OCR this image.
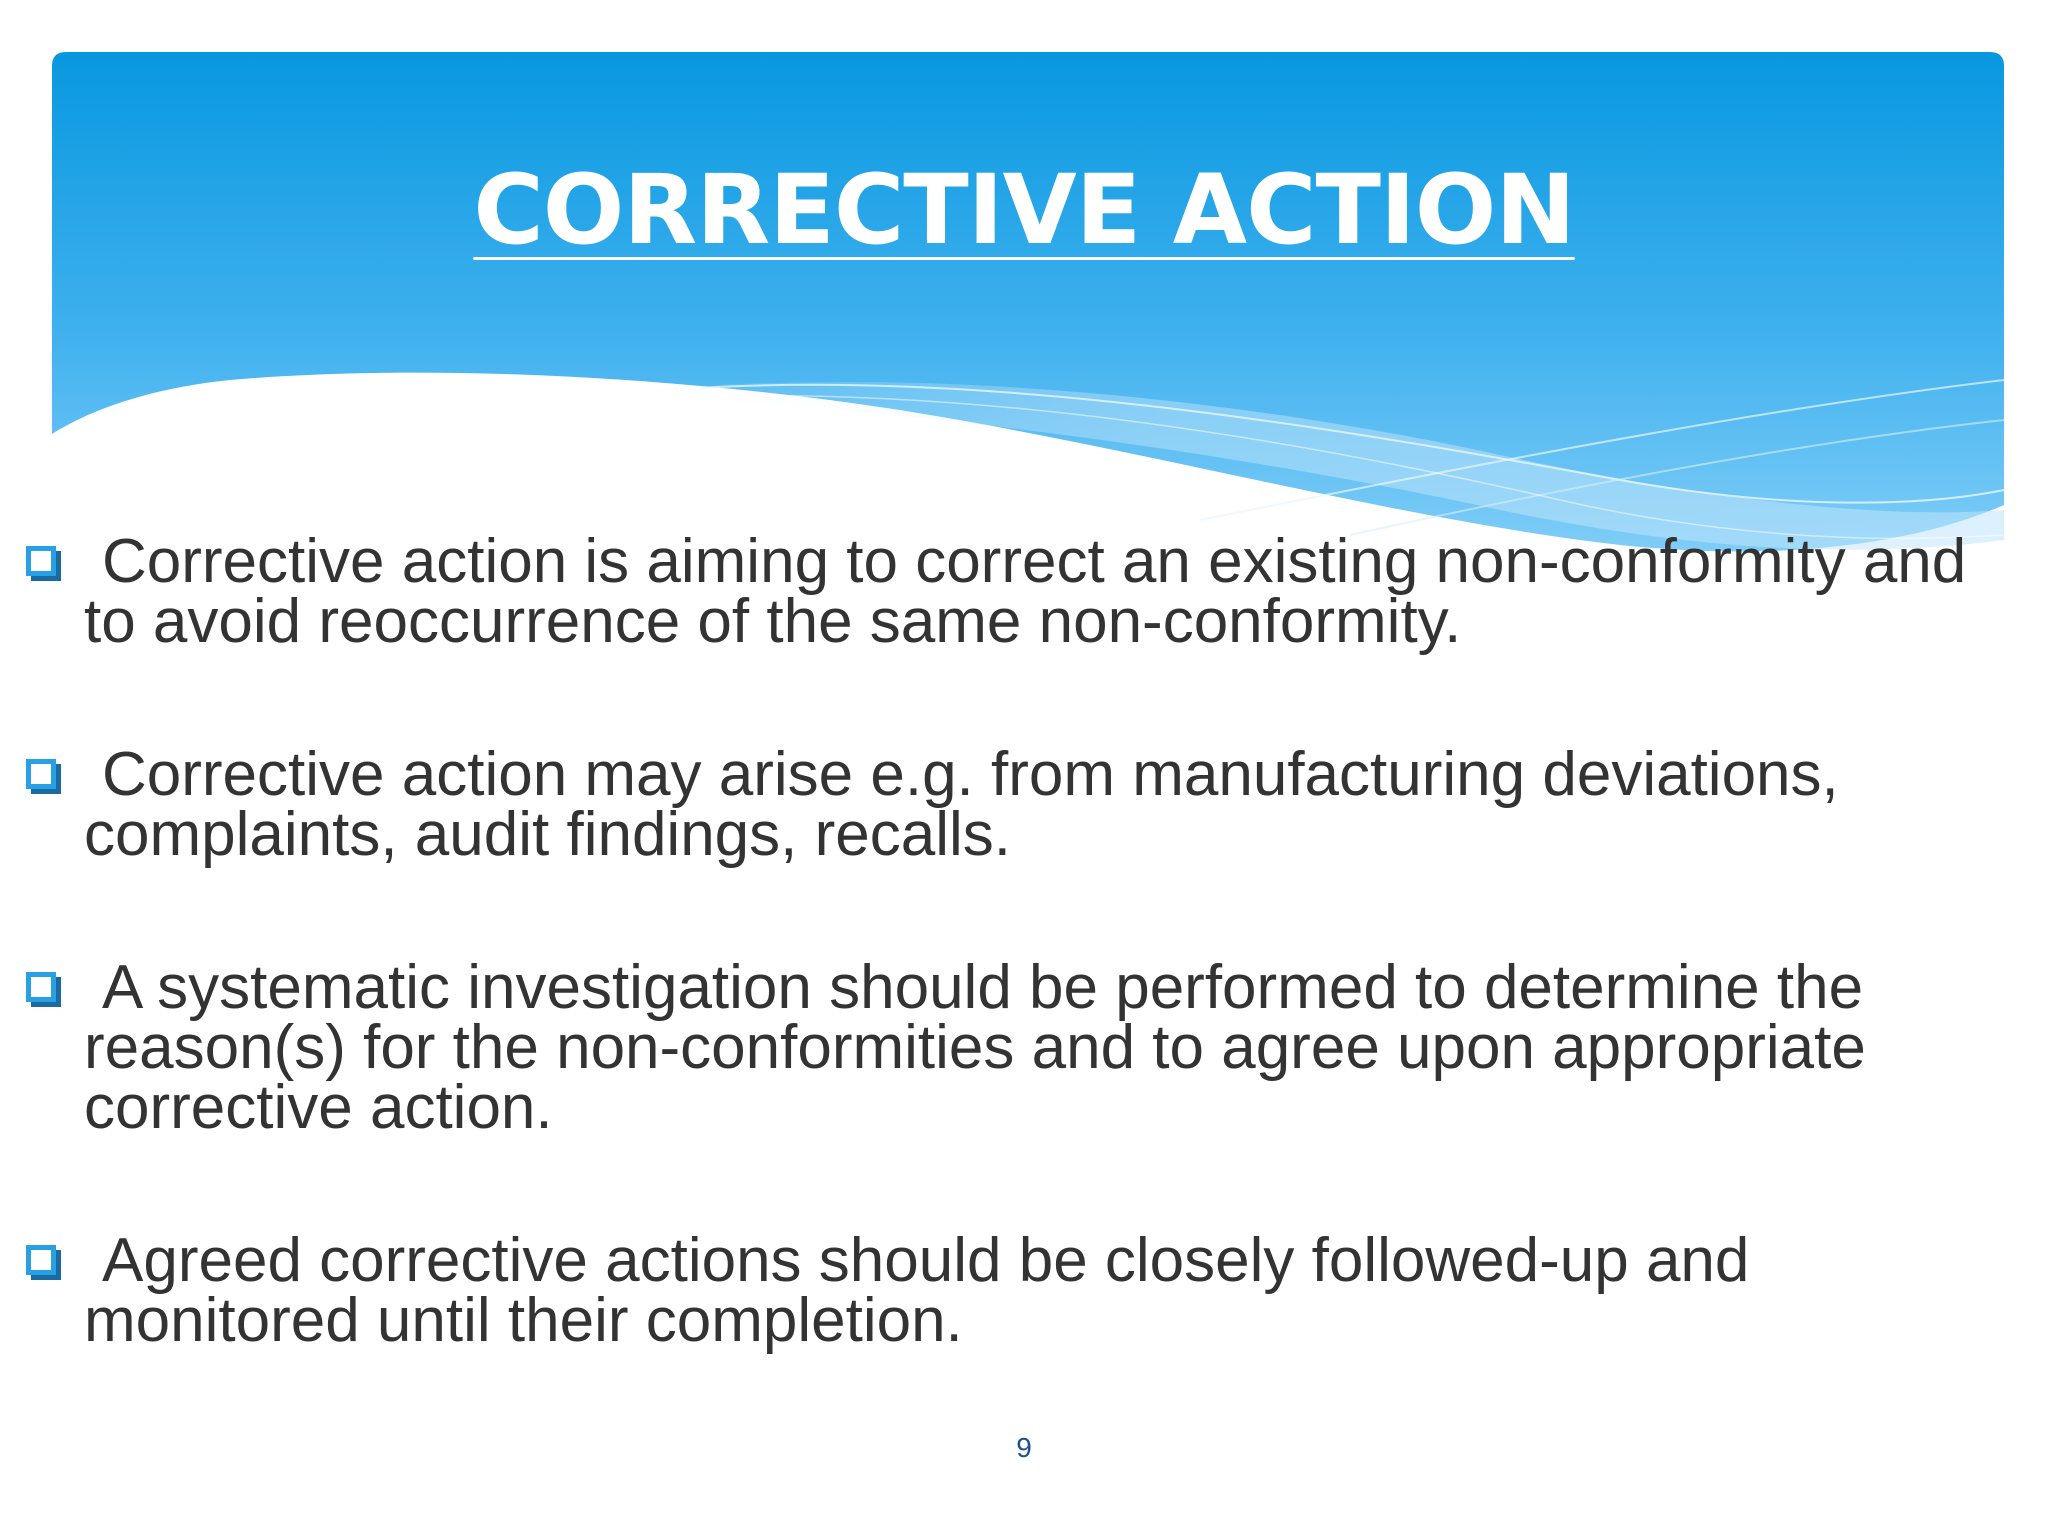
CORRECTIVE ACTION
Corrective action is aiming to correct an existing non-conformity and to avoid reoccurrence of the same non-conformity.
Corrective action may arise e.g. from manufacturing deviations, complaints, audit findings, recalls.
A systematic investigation should be performed to determine the reason(s) for the non-conformities and to agree upon appropriate corrective action.
Agreed corrective actions should be closely followed-up and monitored until their completion.

9
